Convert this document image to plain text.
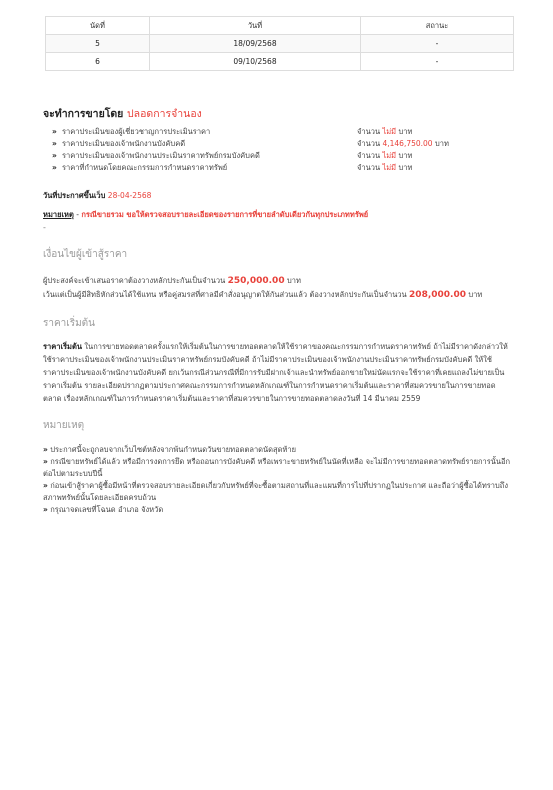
นัดที่	วันที่	สถานะ
5	18/09/2568	-
6	09/10/2568	-
จะทำการขายโดย ปลอดการจำนอง
» ราคาประเมินของผู้เชี่ยวชาญการประเมินราคา	จำนวน ไม่มี บาท
» ราคาประเมินของเจ้าพนักงานบังคับคดี	จำนวน 4,146,750.00 บาท
» ราคาประเมินของเจ้าพนักงานประเมินราคาทรัพย์กรมบังคับคดี	จำนวน ไม่มี บาท
» ราคาที่กำหนดโดยคณะกรรมการกำหนดราคาทรัพย์	จำนวน ไม่มี บาท
วันที่ประกาศขึ้นเว็บ 28-04-2568
หมายเหตุ - กรณีขายรวม ขอให้ตรวจสอบรายละเอียดของรายการที่ขายลำดับเดียวกันทุกประเภททรัพย์
-
เงื่อนไขผู้เข้าสู้ราคา
ผู้ประสงค์จะเข้าเสนอราคาต้องวางหลักประกันเป็นจำนวน 250,000.00 บาท
เว้นแต่เป็นผู้มีสิทธิหักส่วนได้ใช้แทน หรือคู่สมรสที่ศาลมีคำสั่งอนุญาตให้กันส่วนแล้ว ต้องวางหลักประกันเป็นจำนวน 208,000.00 บาท
ราคาเริ่มต้น
ราคาเริ่มต้น ในการขายทอดตลาดครั้งแรกให้เริ่มต้นในการขายทอดตลาดให้ใช้ราคาของคณะกรรมการกำหนดราคาทรัพย์ ถ้าไม่มีราคาดังกล่าวให้ใช้ราคาประเมินของเจ้าพนักงานประเมินราคาทรัพย์กรมบังคับคดี ถ้าไม่มีราคาประเมินของเจ้าพนักงานประเมินราคาทรัพย์กรมบังคับคดี ให้ใช้ราคาประเมินของเจ้าพนักงานบังคับคดี ยกเว้นกรณีส่วนกรณีที่มีการรับมีฝากเจ้าและนำทรัพย์ออกขายใหม่นัดแรกจะใช้ราคาที่เคยแถลงไม่ขายเป็นราคาเริ่มต้น รายละเอียดปรากฏตามประกาศคณะกรรมการกำหนดหลักเกณฑ์ในการกำหนดราคาเริ่มต้นและราคาที่สมควรขายในการขายทอดตลาด เรื่องหลักเกณฑ์ในการกำหนดราคาเริ่มต้นและราคาที่สมควรขายในการขายทอดตลาดลงวันที่ 14 มีนาคม 2559
หมายเหตุ
» ประกาศนี้จะถูกลบจากเว็บไซต์หลังจากพ้นกำหนดวันขายทอดตลาดนัดสุดท้าย
» กรณีขายทรัพย์ได้แล้ว หรือมีการงดการยึด หรือถอนการบังคับคดี หรือเพราะขายทรัพย์ในนัดที่เหลือ จะไม่มีการขายทอดตลาดทรัพย์รายการนั้นอีกต่อไปตามระบบปีนี้
» ก่อนเข้าสู้ราคาผู้ซื้อมีหน้าที่ตรวจสอบรายละเอียดเกี่ยวกับทรัพย์ที่จะซื้อตามสถานที่และแผนที่การไปที่ปรากฏในประกาศ และถือว่าผู้ซื้อได้ทราบถึงสภาพทรัพย์นั้นโดยละเอียดครบถ้วน
» กรุณาจดเลขที่โฉนด อำเภอ จังหวัด
